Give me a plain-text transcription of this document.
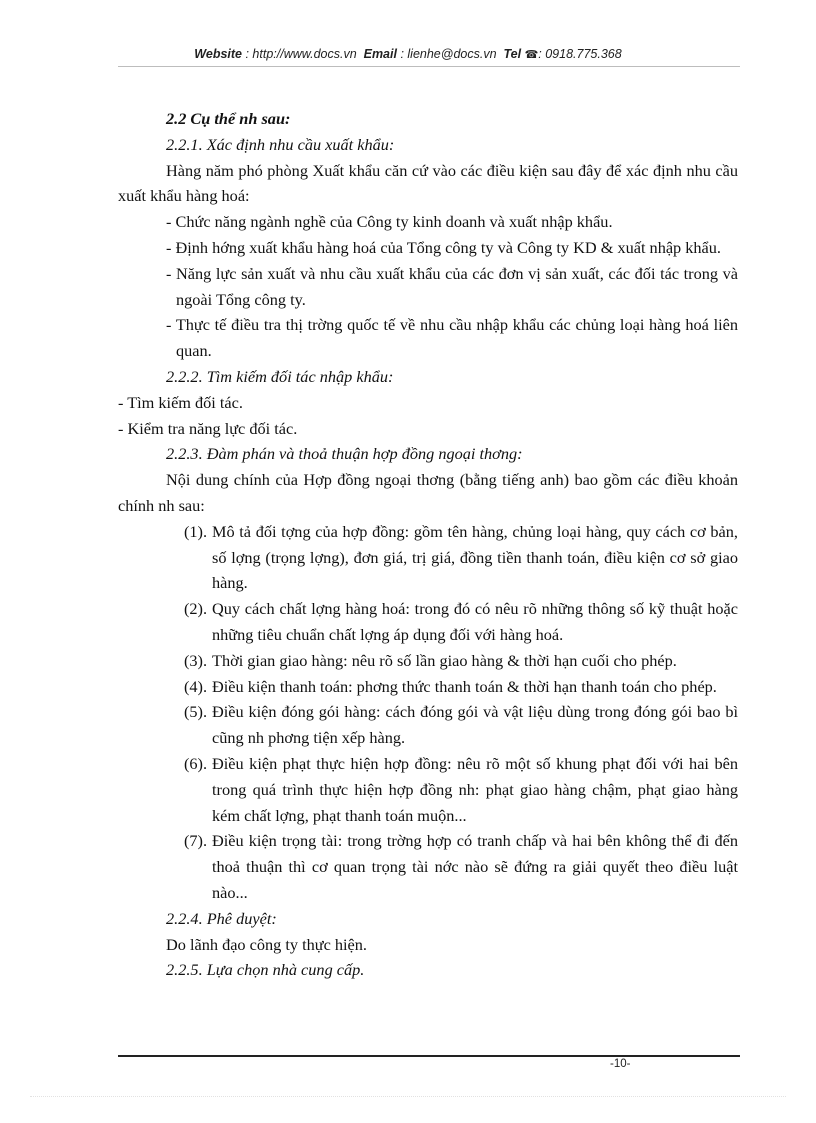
Website : http://www.docs.vn Email : lienhe@docs.vn Tel ☎: 0918.775.368

2.2 Cụ thể nh sau:

2.2.1. Xác định nhu cầu xuất khẩu:

Hàng năm phó phòng Xuất khẩu căn cứ vào các điều kiện sau đây để xác định nhu cầu xuất khẩu hàng hoá:

- Chức năng ngành nghề của Công ty kinh doanh và xuất nhập khẩu.

- Định hớng xuất khẩu hàng hoá của Tổng công ty và Công ty KD & xuất nhập khẩu.

- Năng lực sản xuất và nhu cầu xuất khẩu của các đơn vị sản xuất, các đối tác trong và ngoài Tổng công ty.

- Thực tế điều tra thị trờng quốc tế về nhu cầu nhập khẩu các chủng loại hàng hoá liên quan.

2.2.2. Tìm kiếm đối tác nhập khẩu:

- Tìm kiếm đối tác.

- Kiểm tra năng lực đối tác.

2.2.3. Đàm phán và thoả thuận hợp đồng ngoại thơng:

Nội dung chính của Hợp đồng ngoại thơng (bằng tiếng anh) bao gồm các điều khoản chính nh sau:

(1). Mô tả đối tợng của hợp đồng: gồm tên hàng, chủng loại hàng, quy cách cơ bản, số lợng (trọng lợng), đơn giá, trị giá, đồng tiền thanh toán, điều kiện cơ sở giao hàng.
(2). Quy cách chất lợng hàng hoá: trong đó có nêu rõ những thông số kỹ thuật hoặc những tiêu chuẩn chất lợng áp dụng đối với hàng hoá.
(3). Thời gian giao hàng: nêu rõ số lần giao hàng & thời hạn cuối cho phép.
(4). Điều kiện thanh toán: phơng thức thanh toán & thời hạn thanh toán cho phép.
(5). Điều kiện đóng gói hàng: cách đóng gói và vật liệu dùng trong đóng gói bao bì cũng nh phơng tiện xếp hàng.
(6). Điều kiện phạt thực hiện hợp đồng: nêu rõ một số khung phạt đối với hai bên trong quá trình thực hiện hợp đồng nh: phạt giao hàng chậm, phạt giao hàng kém chất lợng, phạt thanh toán muộn...
(7). Điều kiện trọng tài: trong trờng hợp có tranh chấp và hai bên không thể đi đến thoả thuận thì cơ quan trọng tài nớc nào sẽ đứng ra giải quyết theo điều luật nào...

2.2.4. Phê duyệt:

Do lãnh đạo công ty thực hiện.

2.2.5. Lựa chọn nhà cung cấp.

-10-
